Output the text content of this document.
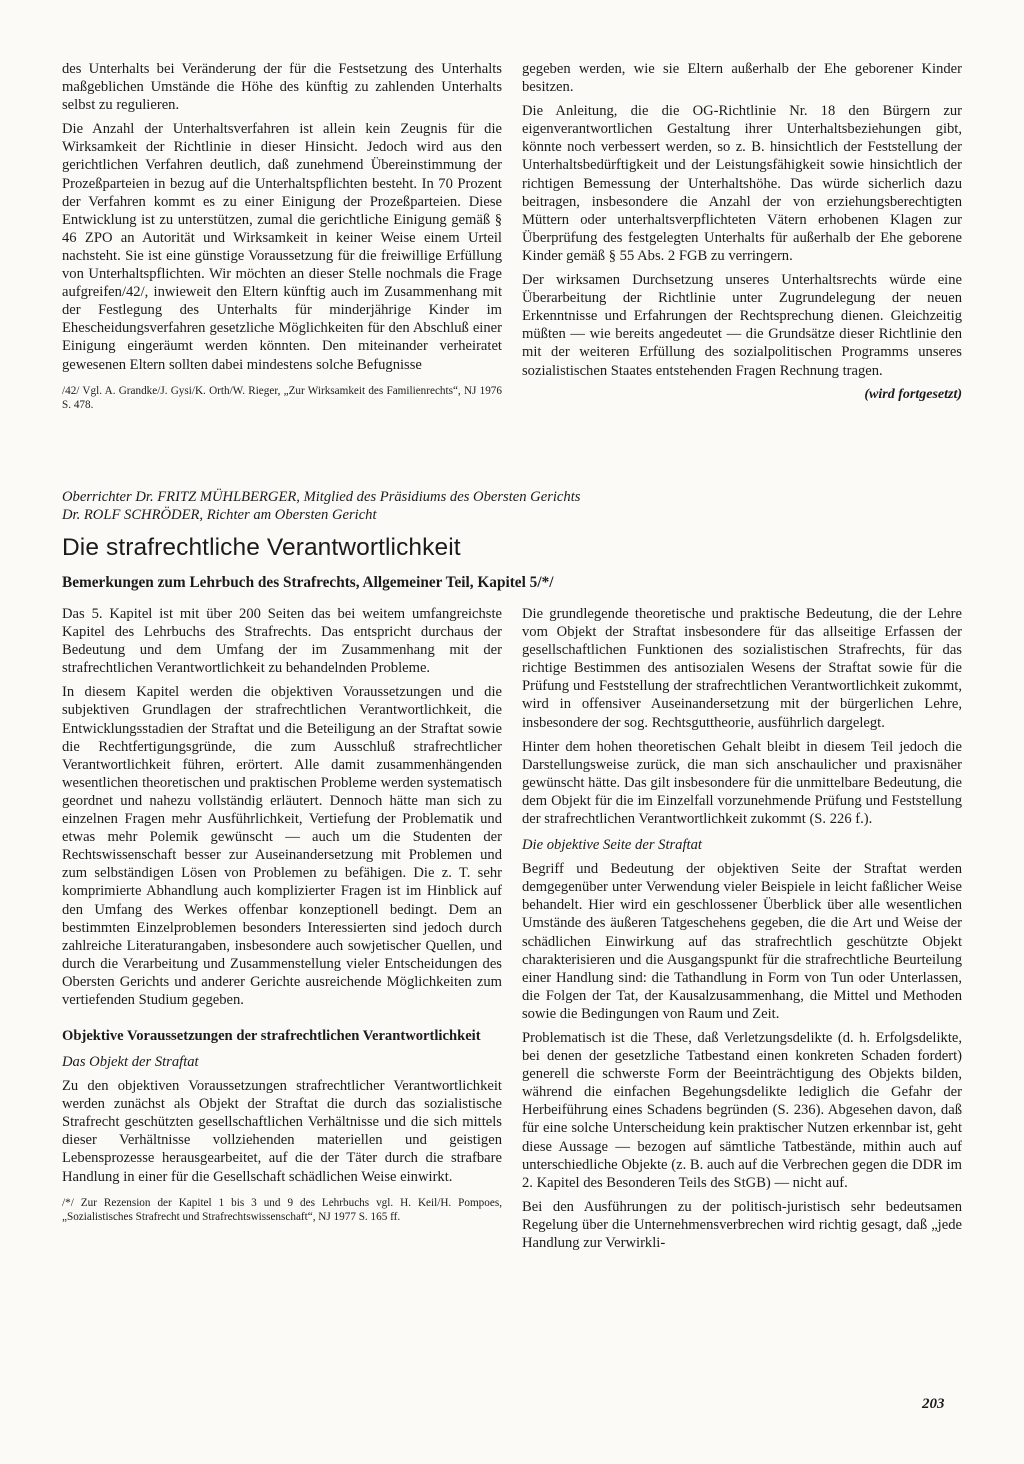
des Unterhalts bei Veränderung der für die Festsetzung des Unterhalts maßgeblichen Umstände die Höhe des künftig zu zahlenden Unterhalts selbst zu regulieren.

Die Anzahl der Unterhaltsverfahren ist allein kein Zeugnis für die Wirksamkeit der Richtlinie in dieser Hinsicht. Jedoch wird aus den gerichtlichen Verfahren deutlich, daß zunehmend Übereinstimmung der Prozeßparteien in bezug auf die Unterhaltspflichten besteht. In 70 Prozent der Verfahren kommt es zu einer Einigung der Prozeßparteien. Diese Entwicklung ist zu unterstützen, zumal die gerichtliche Einigung gemäß § 46 ZPO an Autorität und Wirksamkeit in keiner Weise einem Urteil nachsteht. Sie ist eine günstige Voraussetzung für die freiwillige Erfüllung von Unterhaltspflichten. Wir möchten an dieser Stelle nochmals die Frage aufgreifen/42/, inwieweit den Eltern künftig auch im Zusammenhang mit der Festlegung des Unterhalts für minderjährige Kinder im Ehescheidungsverfahren gesetzliche Möglichkeiten für den Abschluß einer Einigung eingeräumt werden könnten. Den miteinander verheiratet gewesenen Eltern sollten dabei mindestens solche Befugnisse

/42/ Vgl. A. Grandke/J. Gysi/K. Orth/W. Rieger, „Zur Wirksamkeit des Familienrechts“, NJ 1976 S. 478.

gegeben werden, wie sie Eltern außerhalb der Ehe geborener Kinder besitzen.

Die Anleitung, die die OG-Richtlinie Nr. 18 den Bürgern zur eigenverantwortlichen Gestaltung ihrer Unterhaltsbeziehungen gibt, könnte noch verbessert werden, so z. B. hinsichtlich der Feststellung der Unterhaltsbedürftigkeit und der Leistungsfähigkeit sowie hinsichtlich der richtigen Bemessung der Unterhaltshöhe. Das würde sicherlich dazu beitragen, insbesondere die Anzahl der von erziehungsberechtigten Müttern oder unterhaltsverpflichteten Vätern erhobenen Klagen zur Überprüfung des festgelegten Unterhalts für außerhalb der Ehe geborene Kinder gemäß § 55 Abs. 2 FGB zu verringern.

Der wirksamen Durchsetzung unseres Unterhaltsrechts würde eine Überarbeitung der Richtlinie unter Zugrundelegung der neuen Erkenntnisse und Erfahrungen der Rechtsprechung dienen. Gleichzeitig müßten — wie bereits angedeutet — die Grundsätze dieser Richtlinie den mit der weiteren Erfüllung des sozialpolitischen Programms unseres sozialistischen Staates entstehenden Fragen Rechnung tragen.

(wird fortgesetzt)
Oberrichter Dr. FRITZ MÜHLBERGER, Mitglied des Präsidiums des Obersten Gerichts
Dr. ROLF SCHRÖDER, Richter am Obersten Gericht
Die strafrechtliche Verantwortlichkeit
Bemerkungen zum Lehrbuch des Strafrechts, Allgemeiner Teil, Kapitel 5/*/

Das 5. Kapitel ist mit über 200 Seiten das bei weitem umfangreichste Kapitel des Lehrbuchs des Strafrechts. Das entspricht durchaus der Bedeutung und dem Umfang der im Zusammenhang mit der strafrechtlichen Verantwortlichkeit zu behandelnden Probleme.

In diesem Kapitel werden die objektiven Voraussetzungen und die subjektiven Grundlagen der strafrechtlichen Verantwortlichkeit, die Entwicklungsstadien der Straftat und die Beteiligung an der Straftat sowie die Rechtfertigungsgründe, die zum Ausschluß strafrechtlicher Verantwortlichkeit führen, erörtert. Alle damit zusammenhängenden wesentlichen theoretischen und praktischen Probleme werden systematisch geordnet und nahezu vollständig erläutert. Dennoch hätte man sich zu einzelnen Fragen mehr Ausführlichkeit, Vertiefung der Problematik und etwas mehr Polemik gewünscht — auch um die Studenten der Rechtswissenschaft besser zur Auseinandersetzung mit Problemen und zum selbständigen Lösen von Problemen zu befähigen. Die z. T. sehr komprimierte Abhandlung auch komplizierter Fragen ist im Hinblick auf den Umfang des Werkes offenbar konzeptionell bedingt. Dem an bestimmten Einzelproblemen besonders Interessierten sind jedoch durch zahlreiche Literaturangaben, insbesondere auch sowjetischer Quellen, und durch die Verarbeitung und Zusammenstellung vieler Entscheidungen des Obersten Gerichts und anderer Gerichte ausreichende Möglichkeiten zum vertiefenden Studium gegeben.

Objektive Voraussetzungen der strafrechtlichen Verantwortlichkeit
Das Objekt der Straftat

Zu den objektiven Voraussetzungen strafrechtlicher Verantwortlichkeit werden zunächst als Objekt der Straftat die durch das sozialistische Strafrecht geschützten gesellschaftlichen Verhältnisse und die sich mittels dieser Verhältnisse vollziehenden materiellen und geistigen Lebensprozesse herausgearbeitet, auf die der Täter durch die strafbare Handlung in einer für die Gesellschaft schädlichen Weise einwirkt.

/*/ Zur Rezension der Kapitel 1 bis 3 und 9 des Lehrbuchs vgl. H. Keil/H. Pompoes, „Sozialistisches Strafrecht und Strafrechtswissenschaft“, NJ 1977 S. 165 ff.

Die grundlegende theoretische und praktische Bedeutung, die der Lehre vom Objekt der Straftat insbesondere für das allseitige Erfassen der gesellschaftlichen Funktionen des sozialistischen Strafrechts, für das richtige Bestimmen des antisozialen Wesens der Straftat sowie für die Prüfung und Feststellung der strafrechtlichen Verantwortlichkeit zukommt, wird in offensiver Auseinandersetzung mit der bürgerlichen Lehre, insbesondere der sog. Rechtsguttheorie, ausführlich dargelegt.

Hinter dem hohen theoretischen Gehalt bleibt in diesem Teil jedoch die Darstellungsweise zurück, die man sich anschaulicher und praxisnäher gewünscht hätte. Das gilt insbesondere für die unmittelbare Bedeutung, die dem Objekt für die im Einzelfall vorzunehmende Prüfung und Feststellung der strafrechtlichen Verantwortlichkeit zukommt (S. 226 f.).

Die objektive Seite der Straftat

Begriff und Bedeutung der objektiven Seite der Straftat werden demgegenüber unter Verwendung vieler Beispiele in leicht faßlicher Weise behandelt. Hier wird ein geschlossener Überblick über alle wesentlichen Umstände des äußeren Tatgeschehens gegeben, die die Art und Weise der schädlichen Einwirkung auf das strafrechtlich geschützte Objekt charakterisieren und die Ausgangspunkt für die strafrechtliche Beurteilung einer Handlung sind: die Tathandlung in Form von Tun oder Unterlassen, die Folgen der Tat, der Kausalzusammenhang, die Mittel und Methoden sowie die Bedingungen von Raum und Zeit.

Problematisch ist die These, daß Verletzungsdelikte (d. h. Erfolgsdelikte, bei denen der gesetzliche Tatbestand einen konkreten Schaden fordert) generell die schwerste Form der Beeinträchtigung des Objekts bilden, während die einfachen Begehungsdelikte lediglich die Gefahr der Herbeiführung eines Schadens begründen (S. 236). Abgesehen davon, daß für eine solche Unterscheidung kein praktischer Nutzen erkennbar ist, geht diese Aussage — bezogen auf sämtliche Tatbestände, mithin auch auf unterschiedliche Objekte (z. B. auch auf die Verbrechen gegen die DDR im 2. Kapitel des Besonderen Teils des StGB) — nicht auf.

Bei den Ausführungen zu der politisch-juristisch sehr bedeutsamen Regelung über die Unternehmensverbrechen wird richtig gesagt, daß „jede Handlung zur Verwirkli-

203
